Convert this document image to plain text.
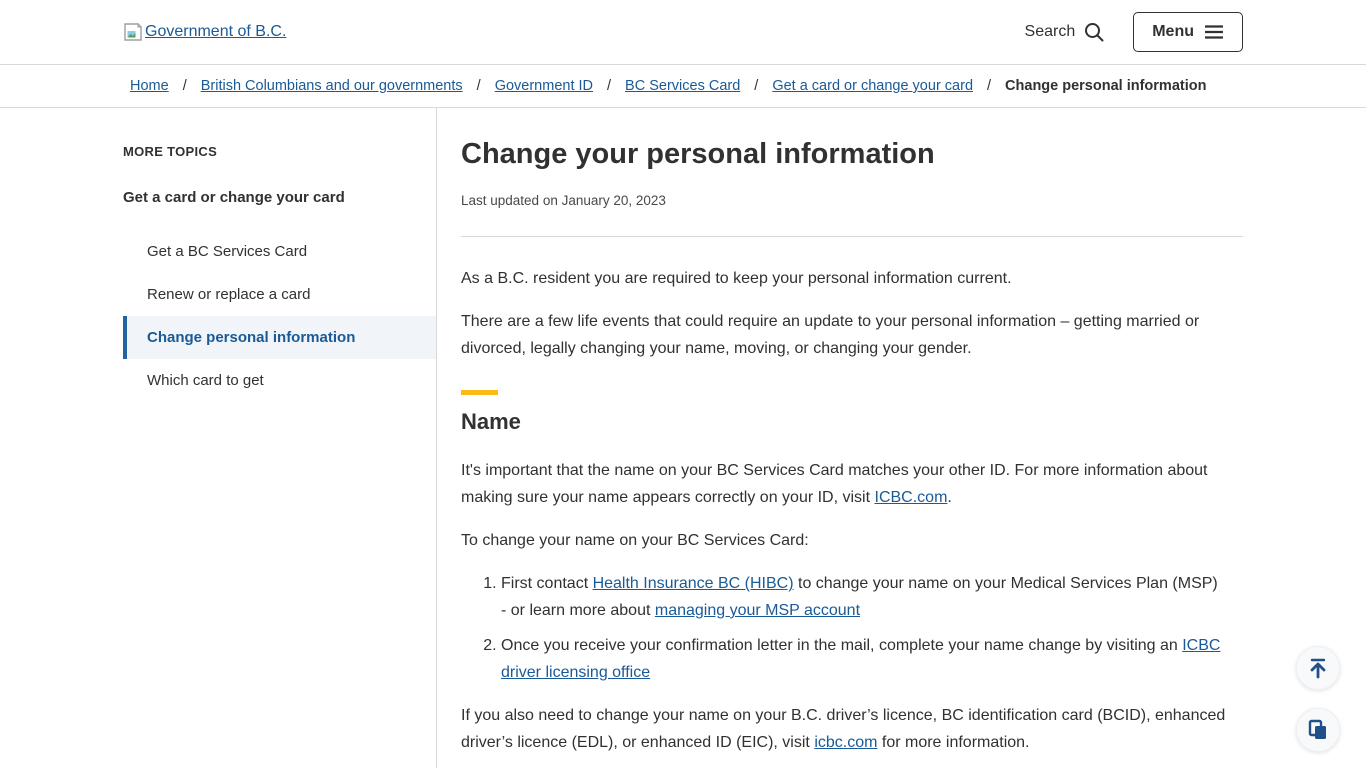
Government of B.C.	Search	Menu
Home / British Columbians and our governments / Government ID / BC Services Card / Get a card or change your card / Change personal information
MORE TOPICS
Get a card or change your card
Get a BC Services Card
Renew or replace a card
Change personal information
Which card to get
Change your personal information
Last updated on January 20, 2023

As a B.C. resident you are required to keep your personal information current.

There are a few life events that could require an update to your personal information – getting married or divorced, legally changing your name, moving, or changing your gender.

Name

It's important that the name on your BC Services Card matches your other ID. For more information about making sure your name appears correctly on your ID, visit ICBC.com.

To change your name on your BC Services Card:

1. First contact Health Insurance BC (HIBC) to change your name on your Medical Services Plan (MSP) - or learn more about managing your MSP account
2. Once you receive your confirmation letter in the mail, complete your name change by visiting an ICBC driver licensing office

If you also need to change your name on your B.C. driver’s licence, BC identification card (BCID), enhanced driver’s licence (EDL), or enhanced ID (EIC), visit icbc.com for more information.
